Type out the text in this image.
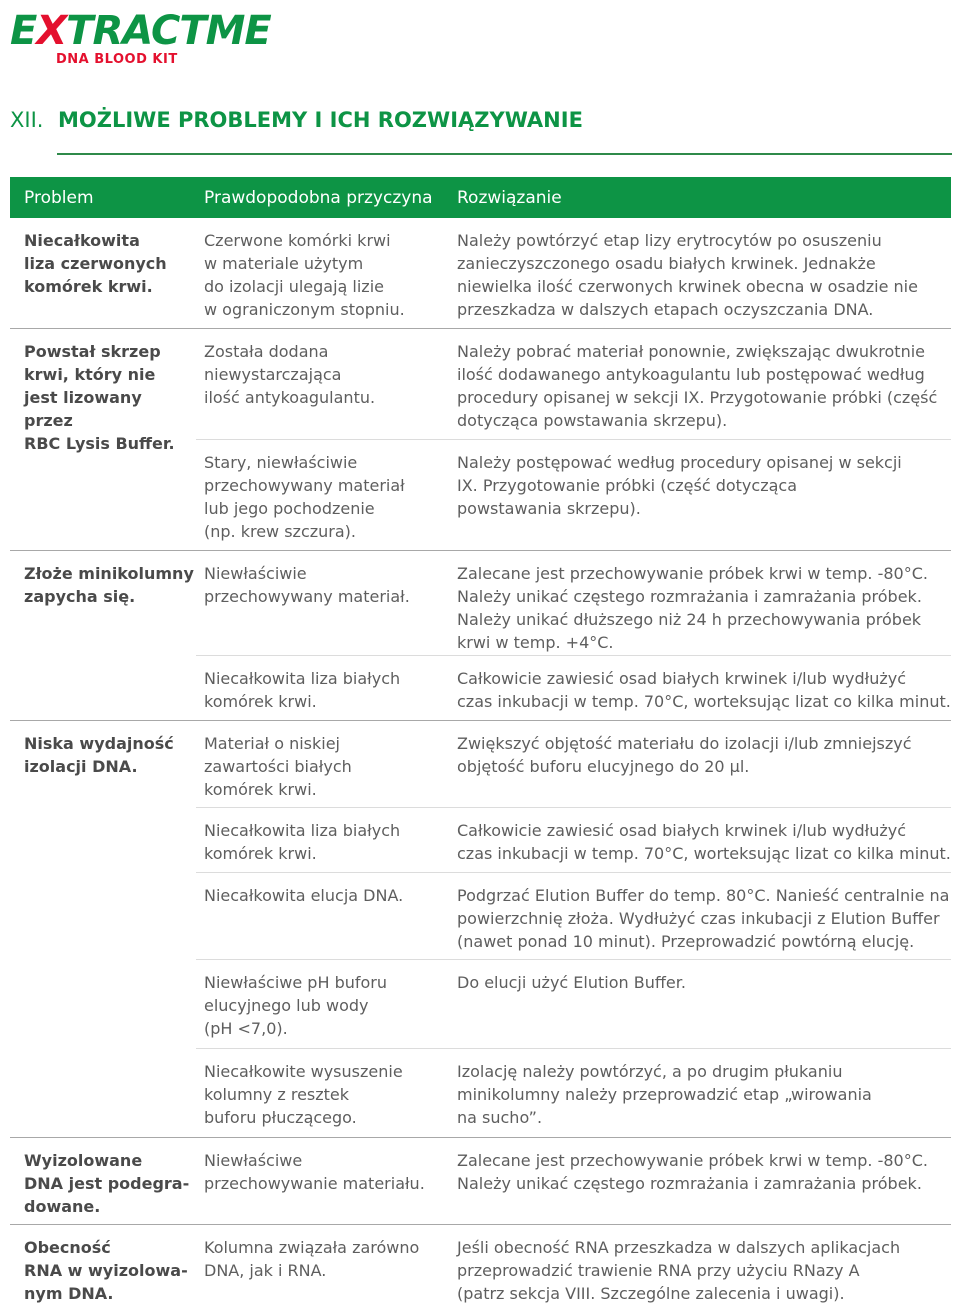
EXTRACTME
DNA BLOOD KIT
XII. MOŻLIWE PROBLEMY I ICH ROZWIĄZYWANIE
Problem	Prawdopodobna przyczyna Rozwiązanie
Niecałkowita
liza czerwonych
komórek krwi.
Czerwone komórki krwi
w materiale użytym
do izolacji ulegają lizie
w ograniczonym stopniu.
Należy powtórzyć etap lizy erytrocytów po osuszeniu
zanieczyszczonego osadu białych krwinek. Jednakże
niewielka ilość czerwonych krwinek obecna w osadzie nie
przeszkadza w dalszych etapach oczyszczania DNA.
Powstał skrzep
krwi, który nie
jest lizowany przez
RBC Lysis Buffer.
Została dodana
niewystarczająca
ilość antykoagulantu.
Należy pobrać materiał ponownie, zwiększając dwukrotnie
ilość dodawanego antykoagulantu lub postępować według
procedury opisanej w sekcji IX. Przygotowanie próbki (część
dotycząca powstawania skrzepu).
Stary, niewłaściwie
przechowywany materiał
lub jego pochodzenie
(np. krew szczura).
Należy postępować według procedury opisanej w sekcji
IX. Przygotowanie próbki (część dotycząca
powstawania skrzepu).
Złoże minikolumny
zapycha się.
Niewłaściwie
przechowywany materiał.
Zalecane jest przechowywanie próbek krwi w temp. -80°C.
Należy unikać częstego rozmrażania i zamrażania próbek.
Należy unikać dłuższego niż 24 h przechowywania próbek
krwi w temp. +4°C.
Niecałkowita liza białych
komórek krwi.
Całkowicie zawiesić osad białych krwinek i/lub wydłużyć
czas inkubacji w temp. 70°C, worteksując lizat co kilka minut.
Niska wydajność
izolacji DNA.
Materiał o niskiej
zawartości białych
komórek krwi.
Zwiększyć objętość materiału do izolacji i/lub zmniejszyć
objętość buforu elucyjnego do 20 µl.
Niecałkowita liza białych
komórek krwi.
Całkowicie zawiesić osad białych krwinek i/lub wydłużyć
czas inkubacji w temp. 70°C, worteksując lizat co kilka minut.
Niecałkowita elucja DNA.	Podgrzać Elution Buffer do temp. 80°C. Nanieść centralnie na
powierzchnię złoża. Wydłużyć czas inkubacji z Elution Buffer
(nawet ponad 10 minut). Przeprowadzić powtórną elucję.
Niewłaściwe pH buforu
elucyjnego lub wody
(pH <7,0).
Do elucji użyć Elution Buffer.
Niecałkowite wysuszenie
kolumny z resztek
buforu płuczącego.
Izolację należy powtórzyć, a po drugim płukaniu
minikolumny należy przeprowadzić etap „wirowania
na sucho”.
Wyizolowane
DNA jest podegra-
dowane.
Niewłaściwe
przechowywanie materiału.
Zalecane jest przechowywanie próbek krwi w temp. -80°C.
Należy unikać częstego rozmrażania i zamrażania próbek.
Obecność
RNA w wyizolowa-
nym DNA.
Kolumna związała zarówno
DNA, jak i RNA.
Jeśli obecność RNA przeszkadza w dalszych aplikacjach
przeprowadzić trawienie RNA przy użyciu RNazy A
(patrz sekcja VIII. Szczególne zalecenia i uwagi).
